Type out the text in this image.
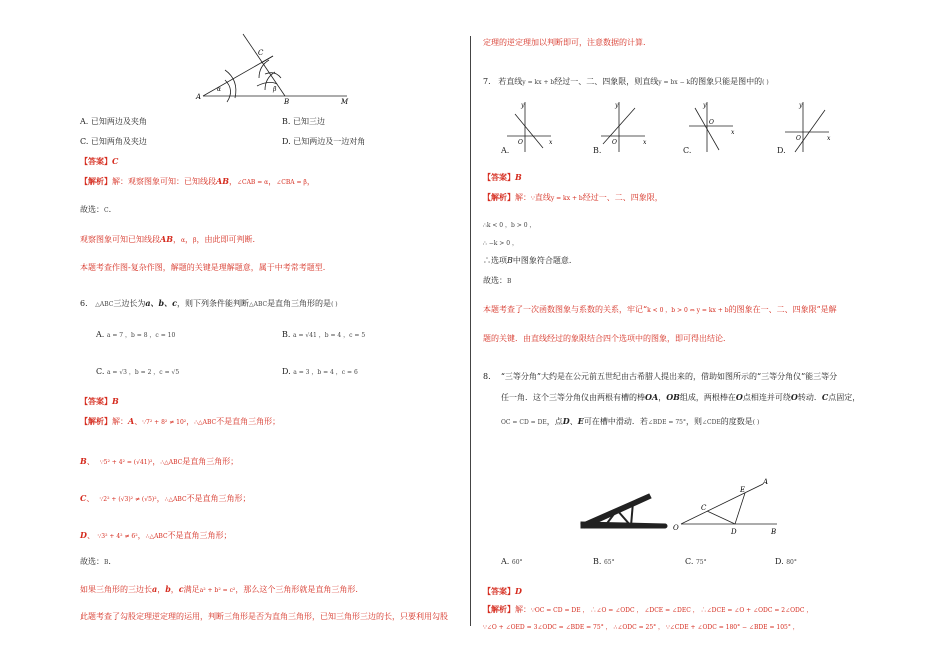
A
α
C
β
B	M
A. 已知两边及夹角	B. 已知三边
C. 已知两角及夹边	D. 已知两边及一边对角
【答案】C
【解析】解：观察图象可知：已知线段AB，∠CAB = α，∠CBA = β，
故选：C.
观察图象可知已知线段AB，α，β，由此即可判断.
本题考查作图-复杂作图，解题的关键是理解题意，属于中考常考题型.
6. △ABC三边长为a、b、c，则下列条件能判断△ABC是直角三角形的是( )
A. a = 7 ，b = 8 ，c = 10	B. a = √41 ，b = 4 ，c = 5
C. a = √3 ，b = 2 ，c = √5	D. a = 3 ，b = 4 ，c = 6
【答案】B
【解析】解：A、∵7² + 8² ≠ 10²，∴△ABC不是直角三角形；
B、 ∵5² + 4² = (√41)²，∴△ABC是直角三角形；
C、 ∵2² + (√3)² ≠ (√5)²，∴△ABC不是直角三角形；
D、 ∵3² + 4² ≠ 6²，∴△ABC不是直角三角形；
故选：B.
如果三角形的三边长a，b，c满足a² + b² = c²，那么这个三角形就是直角三角形.
此题考查了勾股定理逆定理的运用，判断三角形是否为直角三角形，已知三角形三边的长，只要利用勾股
定理的逆定理加以判断即可，注意数据的计算.
7. 若直线y = kx + b经过一、二、四象限，则直线y = bx − k的图象只能是图中的( )
y
x
O
y
x
O
y
x
O
y
x
O
A.	B.	C.	D.
【答案】B
【解析】解：∵直线y = kx + b经过一、二、四象限，
∴k < 0 ，b > 0 ，
∴ −k > 0 ，
∴选项B中图象符合题意.
故选：B
本题考查了一次函数图象与系数的关系，牢记“k < 0 ，b > 0 ⇔ y = kx + b的图象在一、二、四象限”是解
题的关键．由直线经过的象限结合四个选项中的图象，即可得出结论．
8. “三等分角”大约是在公元前五世纪由古希腊人提出来的，借助如图所示的“三等分角仪”能三等分
任一角．这个三等分角仪由两根有槽的棒OA，OB组成，两根棒在O点相连并可绕O转动．C点固定，
OC = CD = DE，点D、E可在槽中滑动．若∠BDE = 75°，则∠CDE的度数是( )
O
C
D
E
A
B
A. 60°	B. 65°	C. 75°	D. 80°
【答案】D
【解析】解：∵OC = CD = DE ， ∴∠O = ∠ODC ， ∠DCE = ∠DEC ， ∴∠DCE = ∠O + ∠ODC = 2∠ODC ，
∵∠O + ∠OED = 3∠ODC = ∠BDE = 75° ， ∴∠ODC = 25° ， ∵∠CDE + ∠ODC = 180° − ∠BDE = 105° ，
